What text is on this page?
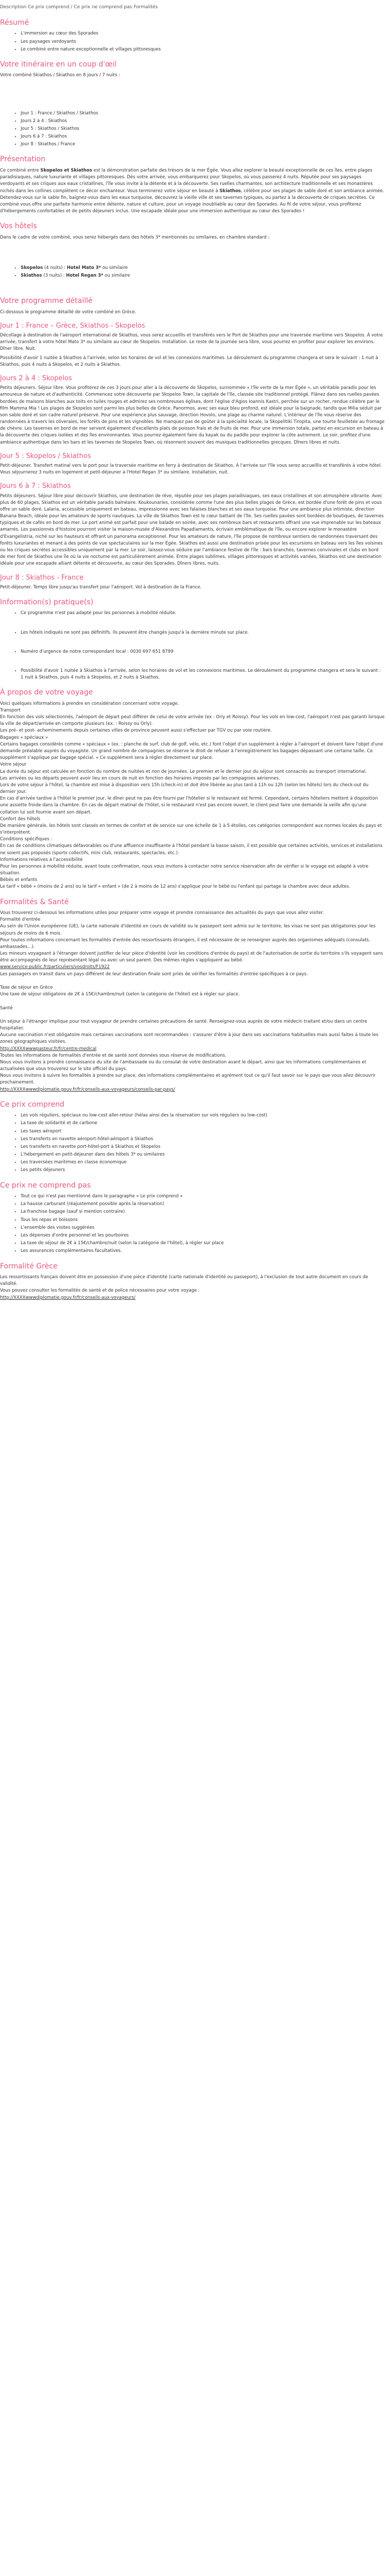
Description Ce prix comprend / Ce prix ne comprend pas Formalités

Résumé
• L'immersion au cœur des Sporades
• Les paysages verdoyants
• Le combiné entre nature exceptionnelle et villages pittoresques
Votre itinéraire en un coup d'œil

Votre combiné Skiathos / Skiathos en 8 jours / 7 nuits :

• Jour 1 : France / Skiathos / Skiathos
• Jours 2 à 4 : Skiathos
• Jour 5 : Skiathos / Skiathos
• Jours 6 à 7 : Skiathos
• Jour 8 : Skiathos / France
Présentation

Ce combiné entre Skopelos et Skiathos est la démonstration parfaite des trésors de la mer Égée. Vous allez explorer la beauté exceptionnelle de ces îles, entre plages paradisiaques, nature luxuriante et villages pittoresques. Dès votre arrivée, vous embarquerez pour Skopelos, où vous passerez 4 nuits. Réputée pour ses paysages verdoyants et ses criques aux eaux cristallines, l'île vous invite à la détente et à la découverte. Ses ruelles charmantes, son architecture traditionnelle et ses monastères nichés dans les collines complètent ce décor enchanteur. Vous terminerez votre séjour en beauté à Skiathos, célèbre pour ses plages de sable doré et son ambiance animée. Détendez-vous sur le sable fin, baignez-vous dans les eaux turquoise, découvrez la vieille ville et ses tavernes typiques, ou partez à la découverte de criques secrètes. Ce combiné vous offre une parfaite harmonie entre détente, nature et culture, pour un voyage inoubliable au cœur des Sporades. Au fil de votre séjour, vous profiterez d'hébergements confortables et de petits déjeuners inclus. Une escapade idéale pour une immersion authentique au cœur des Sporades !

Vos hôtels

Dans le cadre de votre combiné, vous serez hébergés dans des hôtels 3* mentionnés ou similaires, en chambre standard :

• Skopelos (4 nuits) : Hotel Mato 3* ou similaire
• Skiathos (3 nuits) : Hotel Regan 3* ou similaire
Votre programme détaillé

Ci-dessous le programme détaillé de votre combiné en Grèce.

Jour 1 : France – Grèce, Skiathos - Skopelos

Décollage à destination de l'aéroport international de Skiathos, vous serez accueillis et transférés vers le Port de Skiathos pour une traversée maritime vers Skopelos. À votre arrivée, transfert à votre hôtel Mato 3* ou similaire au cœur de Skopelos. Installation. Le reste de la journée sera libre, vous pourrez en profiter pour explorer les environs. Dîner libre. Nuit.

Possibilité d'avoir 1 nuitée à Skiathos à l'arrivée, selon les horaires de vol et les connexions maritimes. Le déroulement du programme changera et sera le suivant : 1 nuit à Skiathos, puis 4 nuits à Skopelos, et 2 nuits à Skiathos.

Jours 2 à 4 : Skopelos

Petits déjeuners. Séjour libre. Vous profiterez de ces 3 jours pour aller à la découverte de Skopelos, surnommée « l'île verte de la mer Égée », un véritable paradis pour les amoureux de nature et d'authenticité. Commencez votre découverte par Skopelos Town, la capitale de l'île, classée site traditionnel protégé. Flânez dans ses ruelles pavées bordées de maisons blanches aux toits en tuiles rouges et admirez ses nombreuses églises, dont l'église d'Agios Ioannis Kastri, perchée sur un rocher, rendue célèbre par le film Mamma Mia ! Les plages de Skopelos sont parmi les plus belles de Grèce. Panormos, avec ses eaux bleu profond, est idéale pour la baignade, tandis que Milia séduit par son sable doré et son cadre naturel préservé. Pour une expérience plus sauvage, direction Hovolo, une plage au charme naturel. L'intérieur de l'île vous réserve des randonnées à travers les oliveraies, les forêts de pins et les vignobles. Ne manquez pas de goûter à la spécialité locale, la Skopelitiki Tiropita, une tourte feuilletée au fromage de chèvre. Les tavernes en bord de mer servent également d'excellents plats de poisson frais et de fruits de mer. Pour une immersion totale, partez en excursion en bateau à la découverte des criques isolées et des îles environnantes. Vous pourrez également faire du kayak ou du paddle pour explorer la côte autrement. Le soir, profitez d'une ambiance authentique dans les bars et les tavernes de Skopelos Town, où résonnent souvent des musiques traditionnelles grecques. Dîners libres et nuits.

Jour 5 : Skopelos / Skiathos

Petit-déjeuner. Transfert matinal vers le port pour la traversée maritime en ferry à destination de Skiathos. À l'arrivée sur l'île vous serez accueillis et transférés à votre hôtel. Vous séjournerez 3 nuits en logement et petit-déjeuner à l'Hotel Regan 3* ou similaire. Installation, nuit.

Jours 6 à 7 : Skiathos

Petits déjeuners. Séjour libre pour découvrir Skiathos, une destination de rêve, réputée pour ses plages paradisiaques, ses eaux cristallines et son atmosphère vibrante. Avec plus de 60 plages, Skiathos est un véritable paradis balnéaire. Koukounaries, considérée comme l'une des plus belles plages de Grèce, est bordée d'une forêt de pins et vous offre un sable doré. Lalaria, accessible uniquement en bateau, impressionne avec ses falaises blanches et ses eaux turquoise. Pour une ambiance plus intimiste, direction Banana Beach, idéale pour les amateurs de sports nautiques. La ville de Skiathos Town est le cœur battant de l'île. Ses ruelles pavées sont bordées de boutiques, de tavernes typiques et de cafés en bord de mer. Le port animé est parfait pour une balade en soirée, avec ses nombreux bars et restaurants offrant une vue imprenable sur les bateaux amarrés. Les passionnés d'histoire pourront visiter la maison-musée d'Alexandros Papadiamantis, écrivain emblématique de l'île, ou encore explorer le monastère d'Evangelistria, niché sur les hauteurs et offrant un panorama exceptionnel. Pour les amateurs de nature, l'île propose de nombreux sentiers de randonnées traversant des forêts luxuriantes et menant à des points de vue spectaculaires sur la mer Égée. Skiathos est aussi une destination prisée pour les excursions en bateau vers les îles voisines ou les criques secrètes accessibles uniquement par la mer. Le soir, laissez-vous séduire par l'ambiance festive de l'île : bars branchés, tavernes conviviales et clubs en bord de mer font de Skiathos une île où la vie nocturne est particulièrement animée. Entre plages sublimes, villages pittoresques et activités variées, Skiathos est une destination idéale pour une escapade alliant détente et découverte, au cœur des Sporades. Dîners libres, nuits.

Jour 8 : Skiathos - France

Petit-déjeuner. Temps libre jusqu'au transfert pour l'aéroport. Vol à destination de la France.

Information(s) pratique(s)
• Ce programme n'est pas adapté pour les personnes à mobilité réduite.
• Les hôtels indiqués ne sont pas définitifs. Ils peuvent être changés jusqu'à la dernière minute sur place.
• Numéro d'urgence de notre correspondant local : 0030 697 651 8799
• Possibilité d'avoir 1 nuitée à Skiathos à l'arrivée, selon les horaires de vol et les connexions maritimes. Le déroulement du programme changera et sera le suivant : 1 nuit à Skiathos, puis 4 nuits à Skopelos, et 2 nuits à Skiathos.
À propos de votre voyage

Voici quelques informations à prendre en considération concernant votre voyage.

Transport

En fonction des vols sélectionnés, l'aéroport de départ peut différer de celui de votre arrivée (ex : Orly et Roissy). Pour les vols en low-cost, l'aéroport n'est pas garanti lorsque la ville de départ/arrivée en comporte plusieurs (ex. : Roissy ou Orly).

Les pré- et post- acheminements depuis certaines villes de province peuvent aussi s'effectuer par TGV ou par voie routière.

Bagages « spéciaux »

Certains bagages considérés comme « spéciaux » (ex. : planche de surf, club de golf, vélo, etc.) font l'objet d'un supplément à régler à l'aéroport et doivent faire l'objet d'une demande préalable auprès du voyagiste. Un grand nombre de compagnies se réserve le droit de refuser à l'enregistrement les bagages dépassant une certaine taille. Ce supplément s'applique par bagage spécial. « Ce supplément sera à régler directement sur place.

Votre séjour

La durée du séjour est calculée en fonction du nombre de nuitées et non de journées. Le premier et le dernier jour du séjour sont consacrés au transport international.

Les arrivées ou les départs peuvent avoir lieu en cours de nuit en fonction des horaires imposés par les compagnies aériennes.

Lors de votre séjour à l'hôtel, la chambre est mise à disposition vers 15h (check-in) et doit être libérée au plus tard à 11h ou 12h (selon les hôtels) lors du check-out du dernier jour.

En cas d'arrivée tardive à l'hôtel le premier jour, le dîner peut ne pas être fourni par l'hôtelier si le restaurant est fermé. Cependant, certains hôteliers mettent à disposition une assiette froide dans la chambre. En cas de départ matinal de l'hôtel, si le restaurant n'est pas encore ouvert, le client peut faire une demande la veille afin qu'une collation lui soit fournie avant son départ.

Confort des hôtels

De manière générale, les hôtels sont classés en termes de confort et de service sur une échelle de 1 à 5 étoiles, ces catégories correspondent aux normes locales du pays et s'interprètent.

Conditions spécifiques :

En cas de conditions climatiques défavorables ou d'une affluence insuffisante à l'hôtel pendant la basse saison, il est possible que certaines activités, services et installations ne soient pas proposés (sports collectifs, mini club, restaurants, spectacles, etc.).

Informations relatives à l'accessibilité

Pour les personnes à mobilité réduite, avant toute confirmation, nous vous invitons à contacter notre service réservation afin de vérifier si le voyage est adapté à votre situation.

Bébés et enfants

Le tarif « bébé » (moins de 2 ans) ou le tarif « enfant » (de 2 à moins de 12 ans) s'applique pour le bébé ou l'enfant qui partage la chambre avec deux adultes.

Formalités & Santé

Vous trouverez ci-dessous les informations utiles pour préparer votre voyage et prendre connaissance des actualités du pays que vous allez visiter.

Formalité d'entrée

Au sein de l'Union européenne (UE), la carte nationale d'identité en cours de validité ou le passeport sont admis sur le territoire, les visas ne sont pas obligatoires pour les séjours de moins de 6 mois.

Pour toutes informations concernant les formalités d'entrée des ressortissants étrangers, il est nécessaire de se renseigner auprès des organismes adéquats (consulats, ambassades...).

Les mineurs voyageant à l'étranger doivent justifier de leur pièce d'identité (voir les conditions d'entrée du pays) et de l'autorisation de sortie du territoire s'ils voyagent sans être accompagnés de leur représentant légal ou avec un seul parent. Des mêmes règles s'appliquent au bébé.

www.service-public.fr/particuliers/vosdroits/F1922

Les passagers en transit dans un pays différent de leur destination finale sont priés de vérifier les formalités d'entrée spécifiques à ce pays.

Taxe de séjour en Grèce

Une taxe de séjour obligatoire de 2€ à 15€/chambre/nuit (selon la catégorie de l'hôtel) est à régler sur place.

Santé

Un séjour à l'étranger implique pour tout voyageur de prendre certaines précautions de santé. Renseignez-vous auprès de votre médecin traitant et/ou dans un centre hospitalier.

Aucune vaccination n'est obligatoire mais certaines vaccinations sont recommandées : s'assurer d'être à jour dans ses vaccinations habituelles mais aussi faites à toute les zones géographiques visitées.

http://XXXXwwwpasteur.fr/fr/centre-medical

Toutes les informations de formalités d'entrée et de santé sont données sous réserve de modifications.

Nous vous invitons à prendre connaissance du site de l'ambassade ou du consulat de votre destination avant le départ, ainsi que les informations complémentaires et actualisées que vous trouverez sur le site officiel du pays.

Nous vous invitons à suivre les formalités à prendre sur place, des informations complémentaires et agrément tout ce qu'il faut savoir sur le pays que vous allez découvrir prochainement.

http://XXXXwwwdiplomatie.gouv.fr/fr/conseils-aux-voyageurs/conseils-par-pays/
Ce prix comprend
• Les vols réguliers, spéciaux ou low-cost aller-retour (hélas ainsi des la réservation sur vols réguliers ou low-cost)
• La taxe de solidarité et de carbone
• Les taxes aéroport
• Les transferts en navette aéroport-hôtel-aéroport à Skiathos
• Les transferts en navette port-hôtel-port à Skiathos et Skopelos
• L'hébergement en petit-déjeuner dans des hôtels 3* ou similaires
• Les traversées maritimes en classe économique
• Les petits déjeuners
Ce prix ne comprend pas
• Tout ce qui n'est pas mentionné dans le paragraphe « Le prix comprend »
• La hausse carburant (réajustement possible après la réservation)
• La franchise bagage (sauf si mention contraire)
• Tous les repas et boissons
• L'ensemble des visites suggérées
• Les dépenses d'ordre personnel et les pourboires
• La taxe de séjour de 2€ à 15€/chambre/nuit (selon la catégorie de l'hôtel), à régler sur place
• Les assurances complémentaires facultatives.
Formalité Grèce

Les ressortissants français doivent être en possession d'une pièce d'identité (carte nationale d'identité ou passeport), à l'exclusion de tout autre document en cours de validité.

Vous pouvez consulter les formalités de santé et de police nécessaires pour votre voyage :

http://XXXXwwwdiplomatie.gouv.fr/fr/conseils-aux-voyageurs/
